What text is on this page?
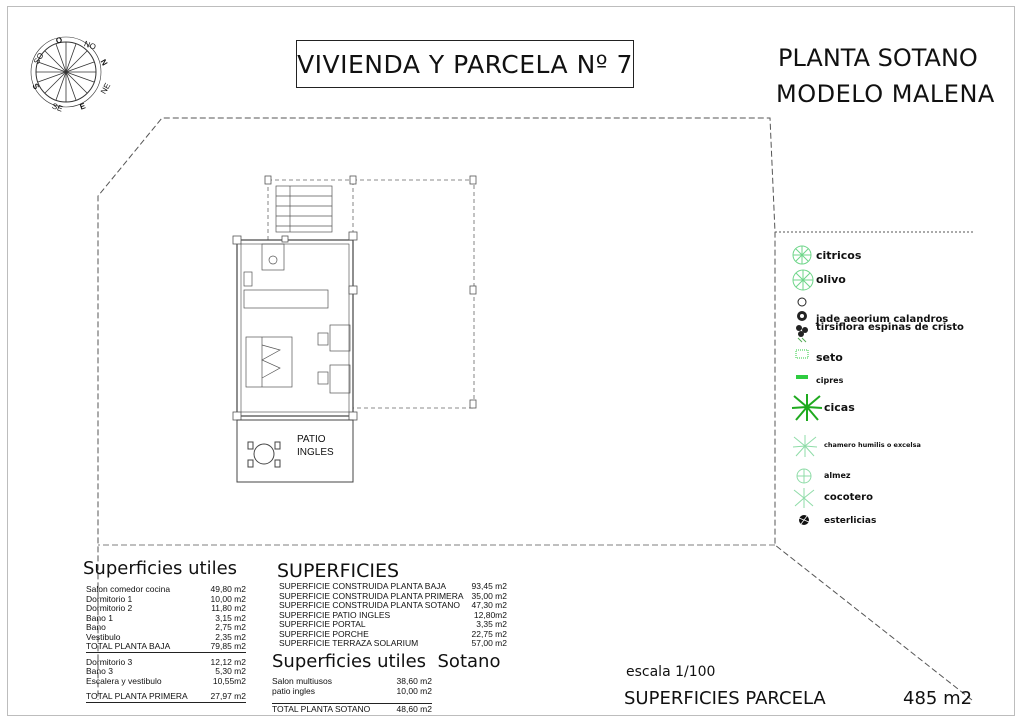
NO
N
NE
E
SE
S
SO
O
VIVIENDA Y PARCELA Nº 7	PLANTA SOTANO
MODELO MALENA
PATIO
INGLES
citricos
olivo
jade aeorium calandros
tirsiflora espinas de cristo
seto
cipres
cicas
chamero humilis o excelsa
almez
cocotero
esterlicias
Superficies utiles
Salon comedor cocina	49,80 m2
Dormitorio 1	10,00 m2
Dormitorio 2	11,80 m2
Bano 1	3,15 m2
Bano	2,75 m2
Vestibulo	2,35 m2
TOTAL PLANTA BAJA	79,85 m2
Dormitorio 3	12,12 m2
Bano 3	5,30 m2
Escalera y vestibulo	10,55m2
TOTAL PLANTA PRIMERA	27,97 m2
SUPERFICIES
SUPERFICIE CONSTRUIDA PLANTA BAJA	93,45 m2
SUPERFICIE CONSTRUIDA PLANTA PRIMERA 35,00 m2
SUPERFICIE CONSTRUIDA PLANTA SOTANO	47,30 m2
SUPERFICIE PATIO INGLES	12,80m2
SUPERFICIE PORTAL	3,35 m2
SUPERFICIE PORCHE	22,75 m2
SUPERFICIE TERRAZA SOLARIUM	57,00 m2
Superficies utiles  Sotano
Salon multiusos	38,60 m2
patio ingles	10,00 m2
TOTAL PLANTA SOTANO	48,60 m2
escala 1/100
SUPERFICIES PARCELA	485 m2
